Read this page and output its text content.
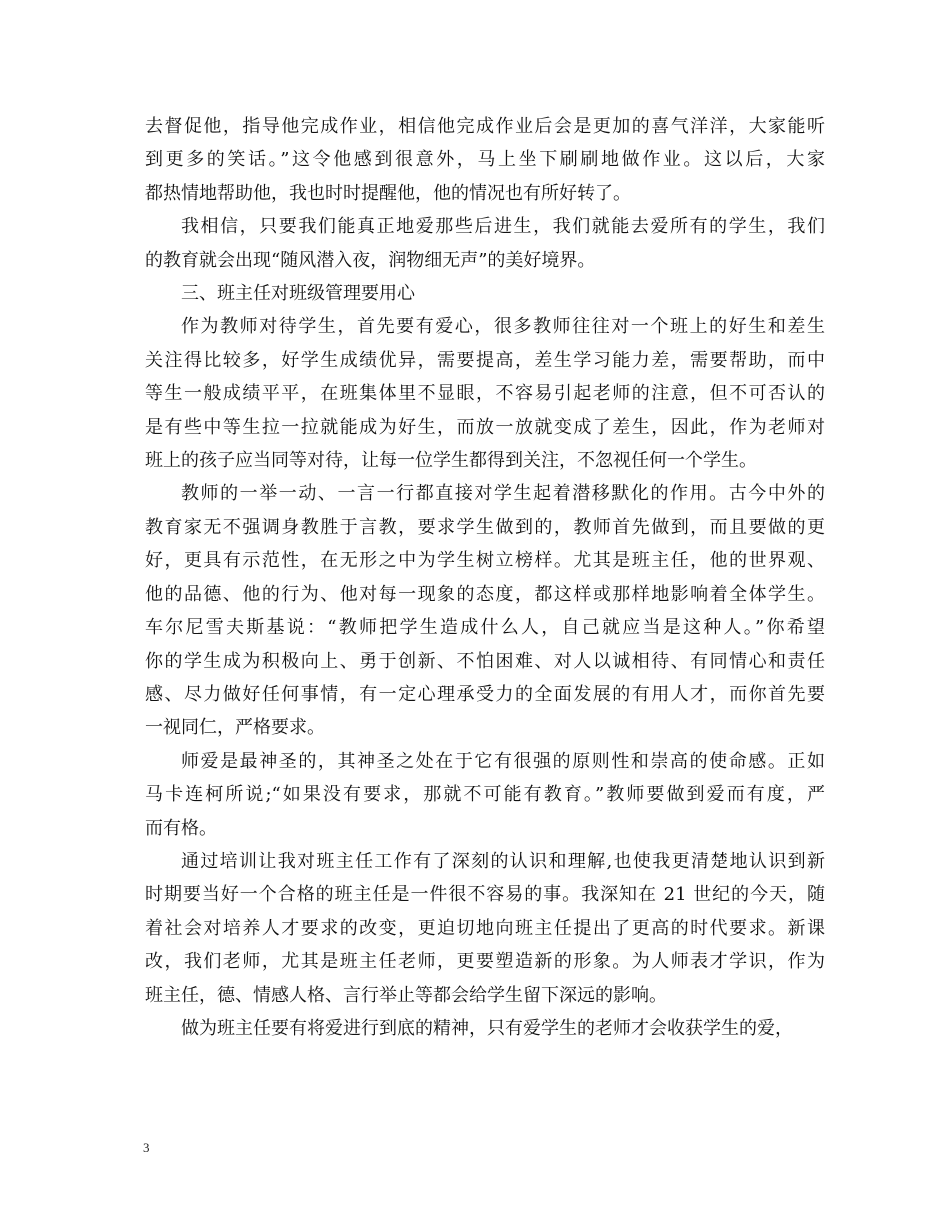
去督促他，指导他完成作业，相信他完成作业后会是更加的喜气洋洋，大家能听
到更多的笑话。”这令他感到很意外，马上坐下刷刷地做作业。这以后，大家
都热情地帮助他，我也时时提醒他，他的情况也有所好转了。
我相信，只要我们能真正地爱那些后进生，我们就能去爱所有的学生，我们
的教育就会出现“随风潜入夜，润物细无声”的美好境界。
三、班主任对班级管理要用心
作为教师对待学生，首先要有爱心，很多教师往往对一个班上的好生和差生
关注得比较多，好学生成绩优异，需要提高，差生学习能力差，需要帮助，而中
等生一般成绩平平，在班集体里不显眼，不容易引起老师的注意，但不可否认的
是有些中等生拉一拉就能成为好生，而放一放就变成了差生，因此，作为老师对
班上的孩子应当同等对待，让每一位学生都得到关注，不忽视任何一个学生。
教师的一举一动、一言一行都直接对学生起着潜移默化的作用。古今中外的
教育家无不强调身教胜于言教，要求学生做到的，教师首先做到，而且要做的更
好，更具有示范性，在无形之中为学生树立榜样。尤其是班主任，他的世界观、
他的品德、他的行为、他对每一现象的态度，都这样或那样地影响着全体学生。
车尔尼雪夫斯基说：“教师把学生造成什么人，自己就应当是这种人。”你希望
你的学生成为积极向上、勇于创新、不怕困难、对人以诚相待、有同情心和责任
感、尽力做好任何事情，有一定心理承受力的全面发展的有用人才，而你首先要
一视同仁，严格要求。
师爱是最神圣的，其神圣之处在于它有很强的原则性和崇高的使命感。正如
马卡连柯所说;“如果没有要求，那就不可能有教育。”教师要做到爱而有度，严
而有格。
通过培训让我对班主任工作有了深刻的认识和理解,也使我更清楚地认识到新
时期要当好一个合格的班主任是一件很不容易的事。我深知在 21 世纪的今天，随
着社会对培养人才要求的改变，更迫切地向班主任提出了更高的时代要求。新课
改，我们老师，尤其是班主任老师，更要塑造新的形象。为人师表才学识，作为
班主任，德、情感人格、言行举止等都会给学生留下深远的影响。
做为班主任要有将爱进行到底的精神，只有爱学生的老师才会收获学生的爱，
3
